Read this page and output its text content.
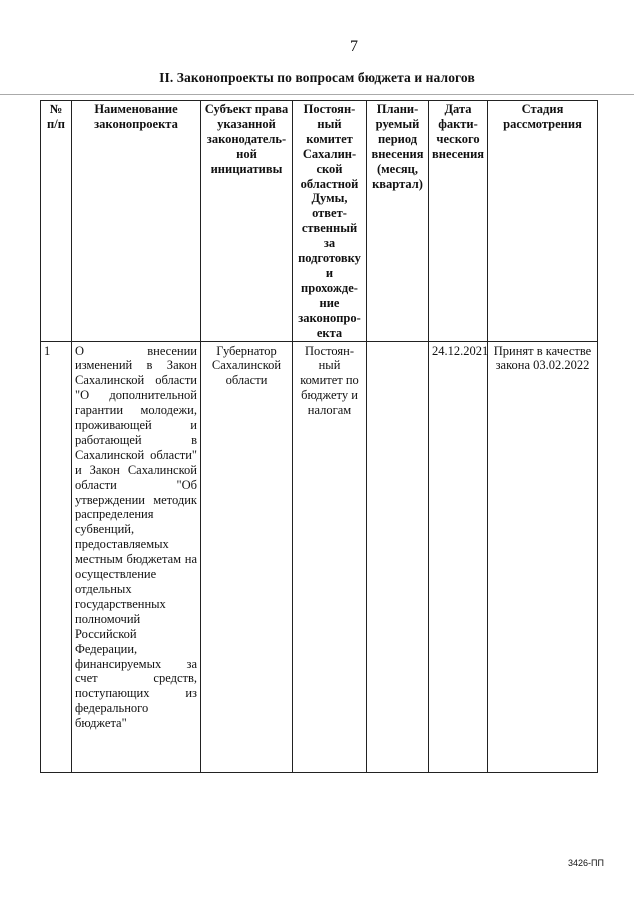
7
II. Законопроекты по вопросам бюджета и налогов
№ п/п	Наименование законопроекта	Субъект права указанной законодатель-ной инициативы	Постоян-ный комитет Сахалин-ской областной Думы, ответ-ственный за подготовку и прохожде-ние законопро-екта	Плани-руемый период внесения (месяц, квартал)	Дата факти-ческого внесения	Стадия рассмотрения
1	О внесении изменений в Закон Сахалинской области "О дополнительной гарантии молодежи, проживающей и работающей в Сахалинской области" и Закон Сахалинской области "Об утверждении методик распределения субвенций, предоставляемых местным бюджетам на осуществление отдельных государственных полномочий Российской Федерации, финансируемых за счет средств, поступающих из федерального бюджета"	Губернатор Сахалинской области	Постоян-ный комитет по бюджету и налогам		24.12.2021	Принят в качестве закона 03.02.2022
3426-ПП
